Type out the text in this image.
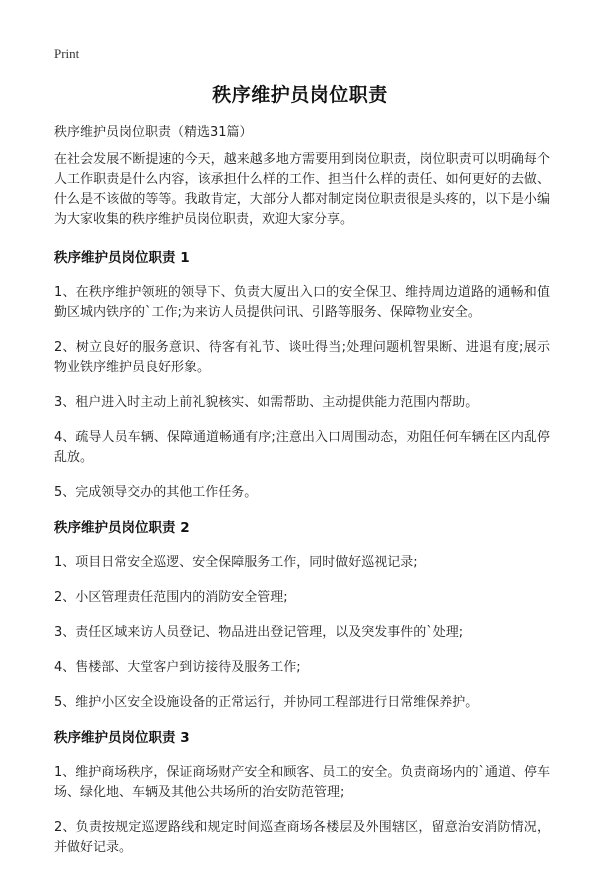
Print
秩序维护员岗位职责
秩序维护员岗位职责（精选31篇）

在社会发展不断提速的今天，越来越多地方需要用到岗位职责，岗位职责可以明确每个人工作职责是什么内容，该承担什么样的工作、担当什么样的责任、如何更好的去做、什么是不该做的等等。我敢肯定，大部分人都对制定岗位职责很是头疼的，以下是小编为大家收集的秩序维护员岗位职责，欢迎大家分享。

秩序维护员岗位职责 1

1、在秩序维护领班的领导下、负责大厦出入口的安全保卫、维持周边道路的通畅和值勤区城内铁序的`工作;为来访人员提供问讯、引路等服务、保障物业安全。

2、树立良好的服务意识、待客有礼节、谈吐得当;处理问题机智果断、进退有度;展示物业铁序维护员良好形象。

3、租户进入时主动上前礼貌核实、如需帮助、主动提供能力范围内帮助。

4、疏导人员车辆、保障通道畅通有序;注意出入口周围动态，劝阻任何车辆在区内乱停乱放。

5、完成领导交办的其他工作任务。

秩序维护员岗位职责 2

1、项目日常安全巡逻、安全保障服务工作，同时做好巡视记录;

2、小区管理责任范围内的消防安全管理;

3、责任区域来访人员登记、物品进出登记管理，以及突发事件的`处理;

4、售楼部、大堂客户到访接待及服务工作;

5、维护小区安全设施设备的正常运行，并协同工程部进行日常维保养护。

秩序维护员岗位职责 3

1、维护商场秩序，保证商场财产安全和顾客、员工的安全。负责商场内的`通道、停车场、绿化地、车辆及其他公共场所的治安防范管理;

2、负责按规定巡逻路线和规定时间巡查商场各楼层及外围辖区，留意治安消防情况，并做好记录。
